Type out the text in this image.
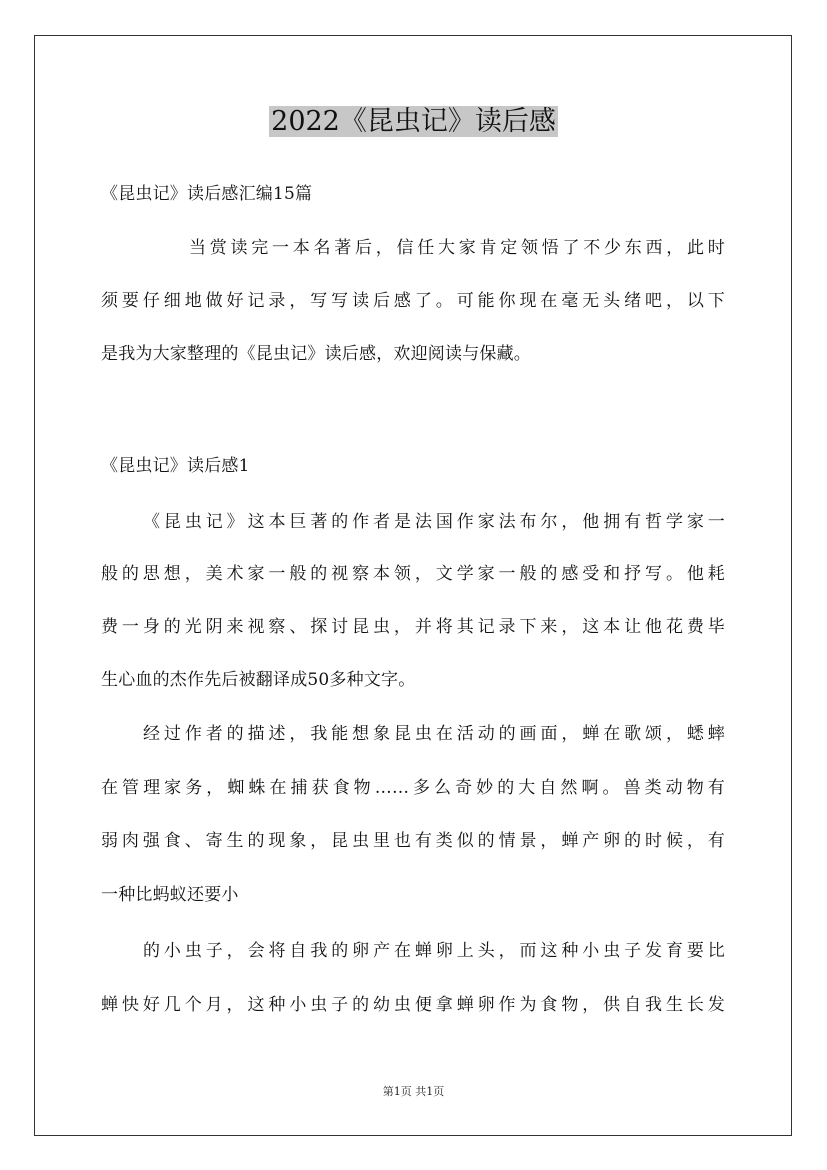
2022《昆虫记》读后感
《昆虫记》读后感汇编15篇
当赏读完一本名著后，信任大家肯定领悟了不少东西，此时
须要仔细地做好记录，写写读后感了。可能你现在毫无头绪吧，以下
是我为大家整理的《昆虫记》读后感，欢迎阅读与保藏。
《昆虫记》读后感1
《昆虫记》这本巨著的作者是法国作家法布尔，他拥有哲学家一
般的思想，美术家一般的视察本领，文学家一般的感受和抒写。他耗
费一身的光阴来视察、探讨昆虫，并将其记录下来，这本让他花费毕
生心血的杰作先后被翻译成50多种文字。
经过作者的描述，我能想象昆虫在活动的画面，蝉在歌颂，蟋蟀
在管理家务，蜘蛛在捕获食物……多么奇妙的大自然啊。兽类动物有
弱肉强食、寄生的现象，昆虫里也有类似的情景，蝉产卵的时候，有
一种比蚂蚁还要小
的小虫子，会将自我的卵产在蝉卵上头，而这种小虫子发育要比
蝉快好几个月，这种小虫子的幼虫便拿蝉卵作为食物，供自我生长发
第1页 共1页
